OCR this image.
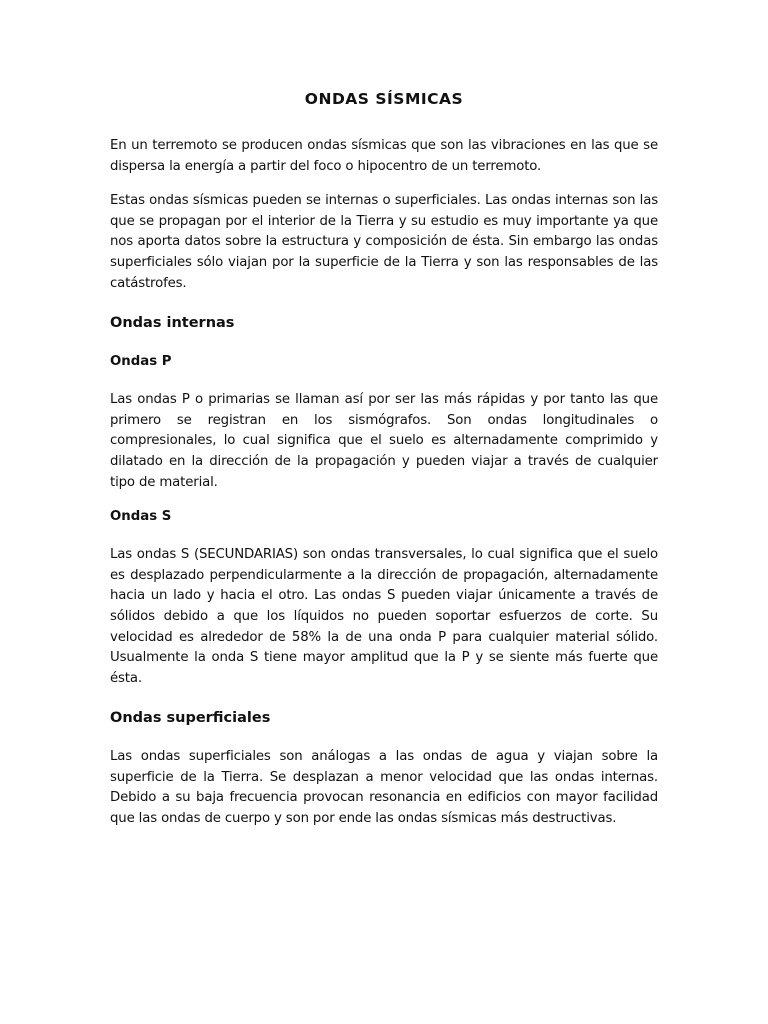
ONDAS SÍSMICAS

En un terremoto se producen ondas sísmicas que son las vibraciones en las que se dispersa la energía a partir del foco o hipocentro de un terremoto.

Estas ondas sísmicas pueden se internas o superficiales. Las ondas internas son las que se propagan por el interior de la Tierra y su estudio es muy importante ya que nos aporta datos sobre la estructura y composición de ésta. Sin embargo las ondas superficiales sólo viajan por la superficie de la Tierra y son las responsables de las catástrofes.

Ondas internas
Ondas P

Las ondas P o primarias se llaman así por ser las más rápidas y por tanto las que primero se registran en los sismógrafos. Son ondas longitudinales o compresionales, lo cual significa que el suelo es alternadamente comprimido y dilatado en la dirección de la propagación y pueden viajar a través de cualquier tipo de material.

Ondas S

Las ondas S (SECUNDARIAS) son ondas transversales, lo cual significa que el suelo es desplazado perpendicularmente a la dirección de propagación, alternadamente hacia un lado y hacia el otro. Las ondas S pueden viajar únicamente a través de sólidos debido a que los líquidos no pueden soportar esfuerzos de corte. Su velocidad es alrededor de 58% la de una onda P para cualquier material sólido. Usualmente la onda S tiene mayor amplitud que la P y se siente más fuerte que ésta.

Ondas superficiales

Las ondas superficiales son análogas a las ondas de agua y viajan sobre la superficie de la Tierra. Se desplazan a menor velocidad que las ondas internas. Debido a su baja frecuencia provocan resonancia en edificios con mayor facilidad que las ondas de cuerpo y son por ende las ondas sísmicas más destructivas.
